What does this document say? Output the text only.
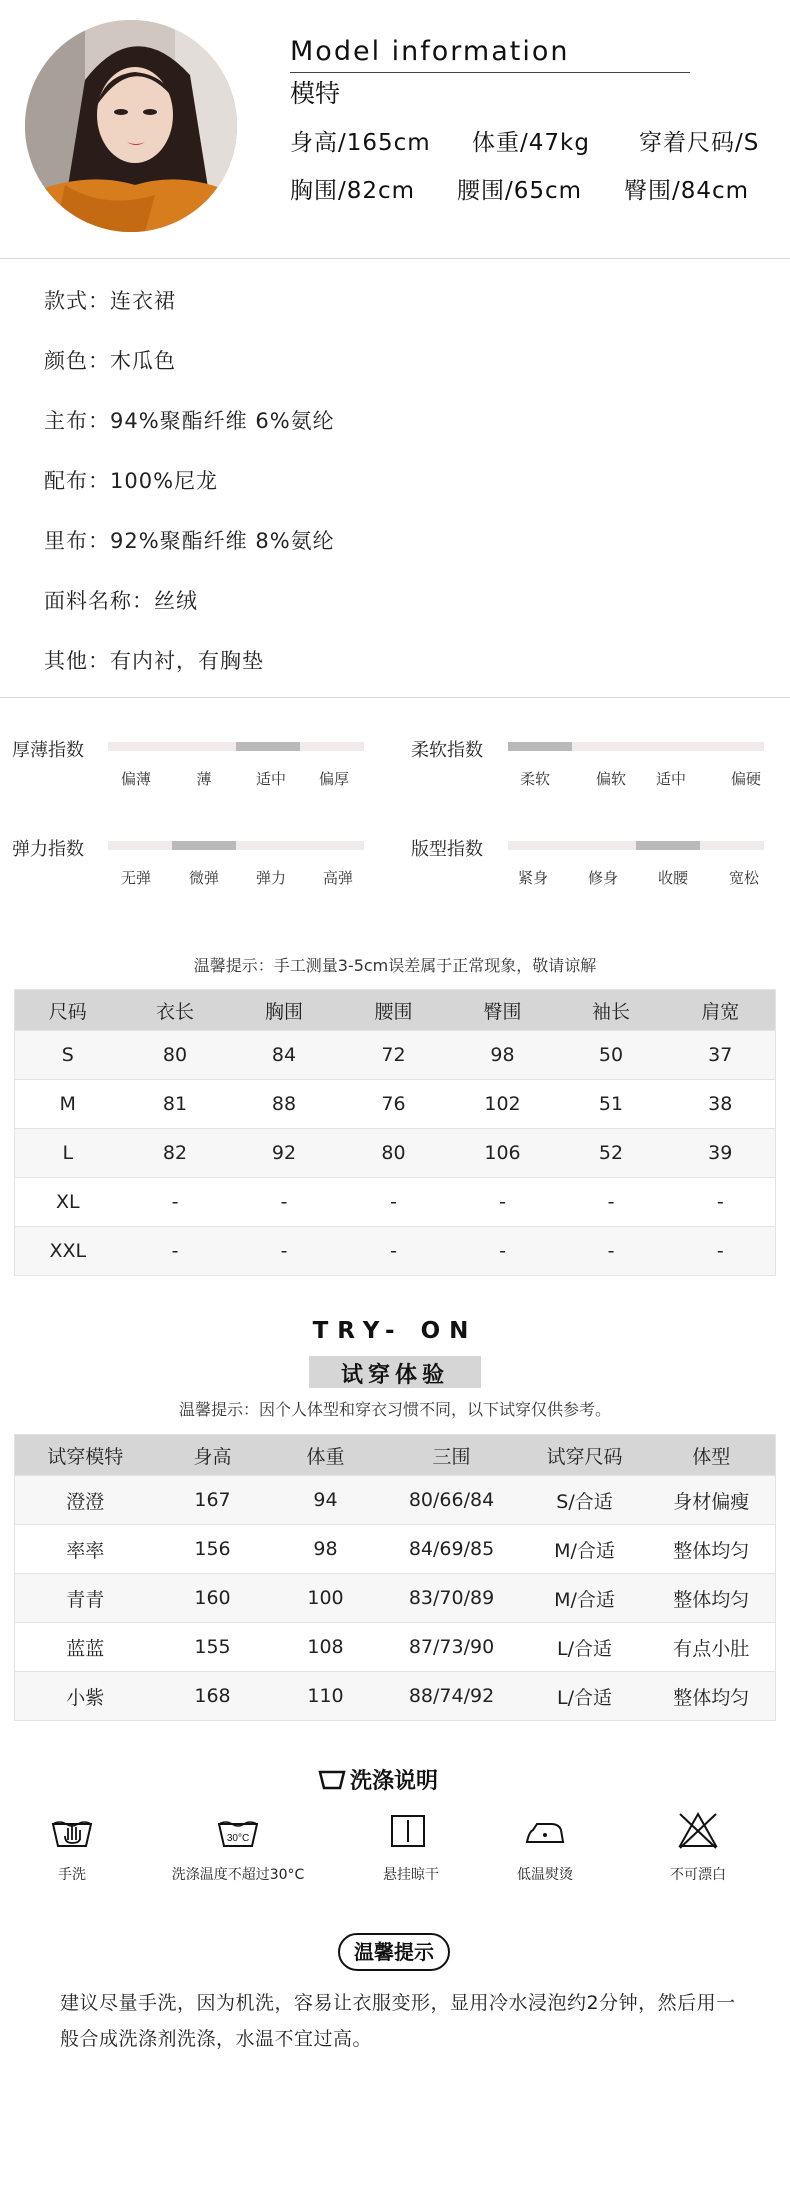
Model information
模特
身高/165cm 体重/47kg 穿着尺码/S
胸围/82cm 腰围/65cm 臀围/84cm
款式：连衣裙
颜色：木瓜色
主布：94%聚酯纤维 6%氨纶
配布：100%尼龙
里布：92%聚酯纤维 8%氨纶
面料名称：丝绒
其他：有内衬，有胸垫
厚薄指数
偏薄	薄	适中 偏厚
柔软指数
柔软	偏软 适中	偏硬
弹力指数
无弹	微弹 弹力 高弹
版型指数
紧身	修身	收腰	宽松
温馨提示：手工测量3-5cm误差属于正常现象，敬请谅解
尺码	衣长	胸围	腰围	臀围	袖长	肩宽
S	80	84	72	98	50	37
M	81	88	76	102	51	38
L	82	92	80	106	52	39
XL	-	-	-	-	-	-
XXL	-	-	-	-	-	-
TRY- ON
试穿体验
温馨提示：因个人体型和穿衣习惯不同，以下试穿仅供参考。
试穿模特	身高	体重	三围	试穿尺码	体型
澄澄	167	94	80/66/84	S/合适	身材偏瘦
率率	156	98	84/69/85	M/合适	整体均匀
青青	160	100	83/70/89	M/合适	整体均匀
蓝蓝	155	108	87/73/90	L/合适	有点小肚
小紫	168	110	88/74/92	L/合适	整体均匀
洗涤说明
手洗
30°C
洗涤温度不超过30°C	悬挂晾干	低温熨烫	不可漂白
温馨提示
建议尽量手洗，因为机洗，容易让衣服变形，显用冷水浸泡约2分钟，然后用一般合成洗涤剂洗涤，水温不宜过高。
